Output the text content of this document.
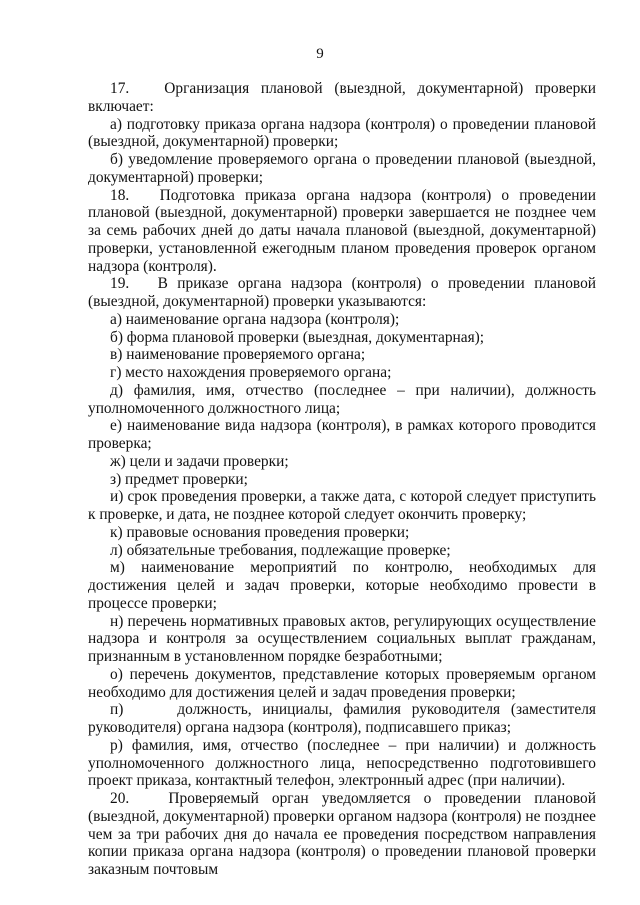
9

17.   Организация плановой (выездной, документарной) проверки включает:

а) подготовку приказа органа надзора (контроля) о проведении плановой (выездной, документарной) проверки;

б) уведомление проверяемого органа о проведении плановой (выездной, документарной) проверки;

18.   Подготовка приказа органа надзора (контроля) о проведении плановой (выездной, документарной) проверки завершается не позднее чем за семь рабочих дней до даты начала плановой (выездной, документарной) проверки, установленной ежегодным планом проведения проверок органом надзора (контроля).

19.   В приказе органа надзора (контроля) о проведении плановой (выездной, документарной) проверки указываются:

а) наименование органа надзора (контроля);

б) форма плановой проверки (выездная, документарная);

в) наименование проверяемого органа;

г) место нахождения проверяемого органа;

д) фамилия, имя, отчество (последнее – при наличии), должность уполномоченного должностного лица;

е) наименование вида надзора (контроля), в рамках которого проводится проверка;

ж) цели и задачи проверки;

з) предмет проверки;

и) срок проведения проверки, а также дата, с которой следует приступить к проверке, и дата, не позднее которой следует окончить проверку;

к) правовые основания проведения проверки;

л) обязательные требования, подлежащие проверке;

м) наименование мероприятий по контролю, необходимых для достижения целей и задач проверки, которые необходимо провести в процессе проверки;

н) перечень нормативных правовых актов, регулирующих осуществление надзора и контроля за осуществлением социальных выплат гражданам, признанным в установленном порядке безработными;

о) перечень документов, представление которых проверяемым органом необходимо для достижения целей и задач проведения проверки;

п)     должность, инициалы, фамилия руководителя (заместителя руководителя) органа надзора (контроля), подписавшего приказ;

р) фамилия, имя, отчество (последнее – при наличии) и должность уполномоченного должностного лица, непосредственно подготовившего проект приказа, контактный телефон, электронный адрес (при наличии).

20.   Проверяемый орган уведомляется о проведении плановой (выездной, документарной) проверки органом надзора (контроля) не позднее чем за три рабочих дня до начала ее проведения посредством направления копии приказа органа надзора (контроля) о проведении плановой проверки заказным почтовым
